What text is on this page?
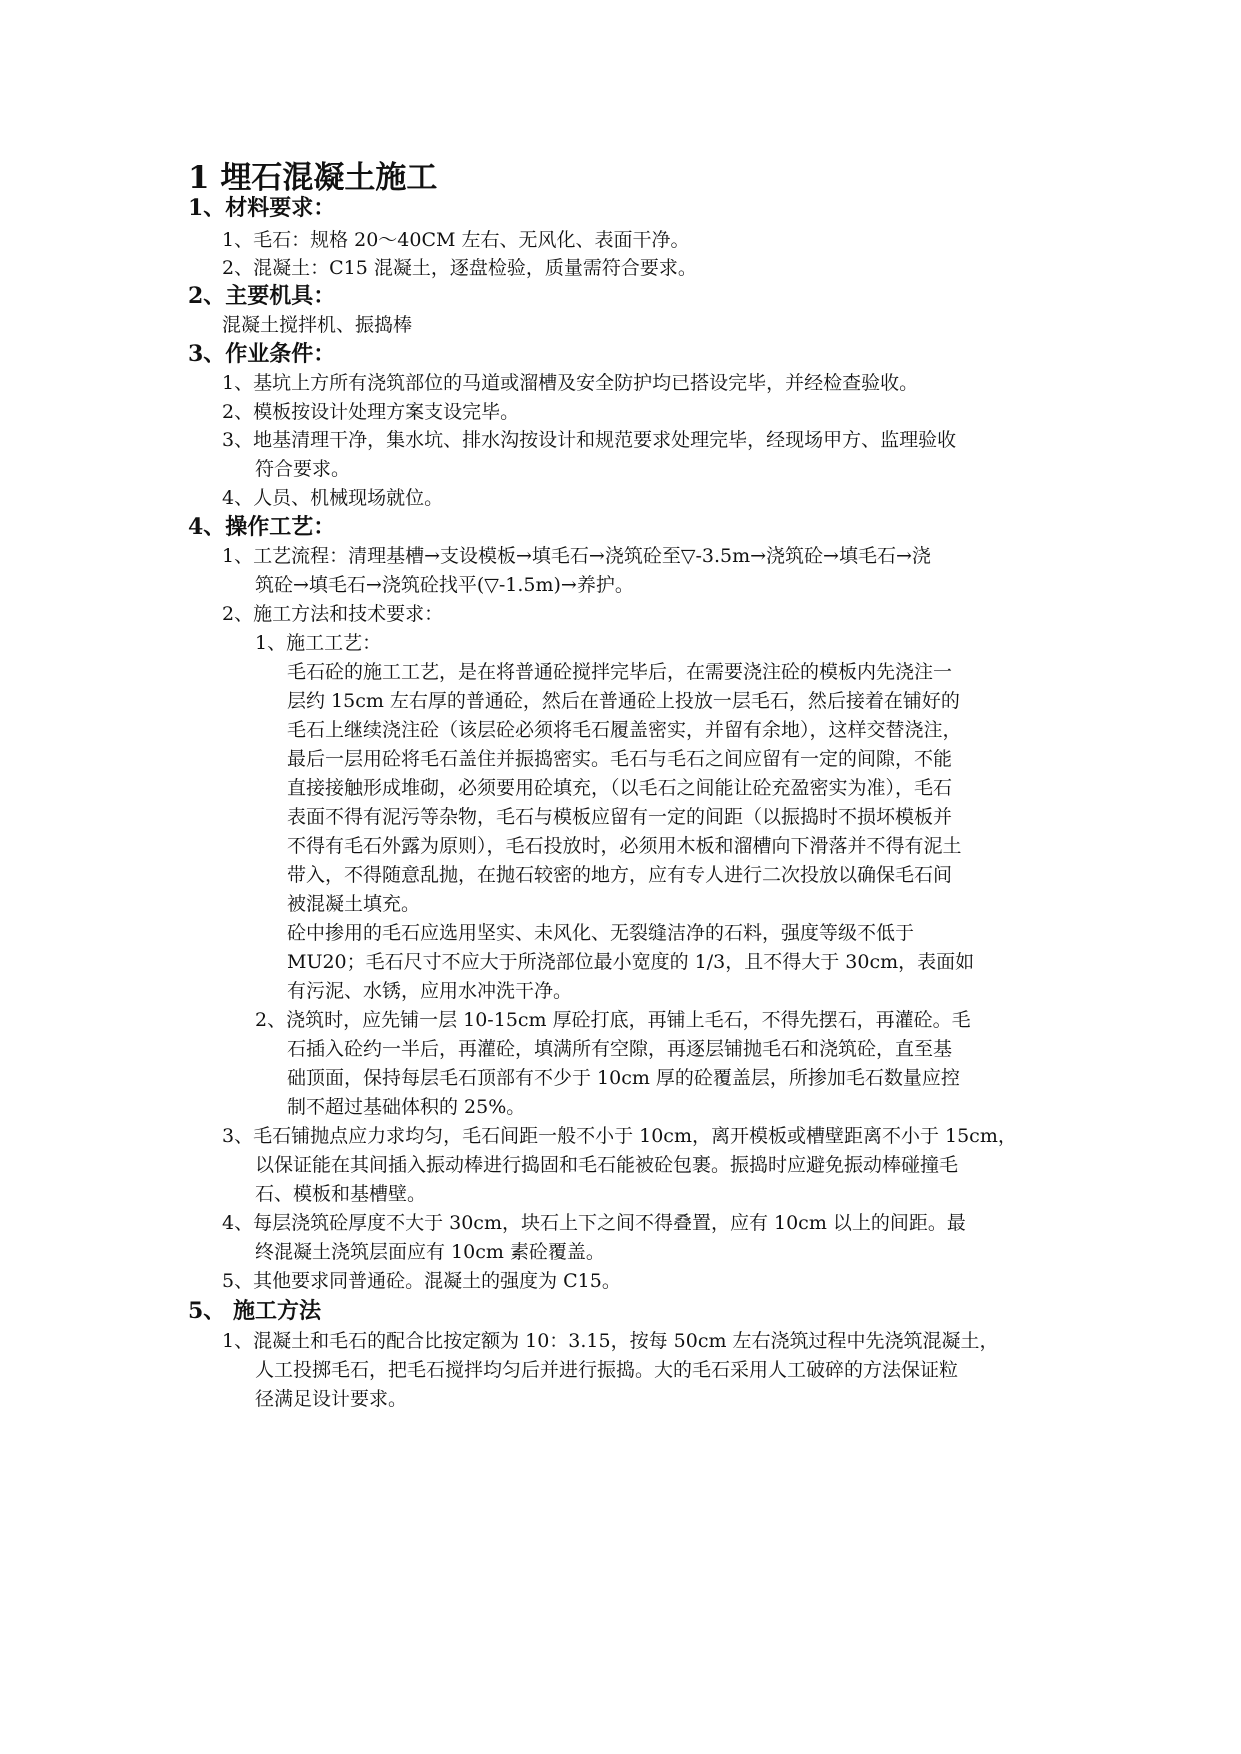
1 埋石混凝土施工
1、材料要求：
1、毛石：规格 20～40CM 左右、无风化、表面干净。
2、混凝土：C15 混凝土，逐盘检验，质量需符合要求。
2、主要机具：
混凝土搅拌机、振捣棒
3、作业条件：
1、基坑上方所有浇筑部位的马道或溜槽及安全防护均已搭设完毕，并经检查验收。
2、模板按设计处理方案支设完毕。
3、地基清理干净，集水坑、排水沟按设计和规范要求处理完毕，经现场甲方、监理验收
符合要求。
4、人员、机械现场就位。
4、操作工艺：
1、工艺流程：清理基槽→支设模板→填毛石→浇筑砼至▽-3.5m→浇筑砼→填毛石→浇
筑砼→填毛石→浇筑砼找平(▽-1.5m)→养护。
2、施工方法和技术要求：
1、施工工艺：
毛石砼的施工工艺，是在将普通砼搅拌完毕后，在需要浇注砼的模板内先浇注一
层约 15cm 左右厚的普通砼，然后在普通砼上投放一层毛石，然后接着在铺好的
毛石上继续浇注砼（该层砼必须将毛石履盖密实，并留有余地），这样交替浇注，
最后一层用砼将毛石盖住并振捣密实。毛石与毛石之间应留有一定的间隙，不能
直接接触形成堆砌，必须要用砼填充，（以毛石之间能让砼充盈密实为准），毛石
表面不得有泥污等杂物，毛石与模板应留有一定的间距（以振捣时不损坏模板并
不得有毛石外露为原则），毛石投放时，必须用木板和溜槽向下滑落并不得有泥土
带入，不得随意乱抛，在抛石较密的地方，应有专人进行二次投放以确保毛石间
被混凝土填充。
砼中掺用的毛石应选用坚实、未风化、无裂缝洁净的石料，强度等级不低于
MU20；毛石尺寸不应大于所浇部位最小宽度的 1/3，且不得大于 30cm，表面如
有污泥、水锈，应用水冲洗干净。
2、浇筑时，应先铺一层 10-15cm 厚砼打底，再铺上毛石，不得先摆石，再灌砼。毛
石插入砼约一半后，再灌砼，填满所有空隙，再逐层铺抛毛石和浇筑砼，直至基
础顶面，保持每层毛石顶部有不少于 10cm 厚的砼覆盖层，所掺加毛石数量应控
制不超过基础体积的 25%。
3、毛石铺抛点应力求均匀，毛石间距一般不小于 10cm，离开模板或槽壁距离不小于 15cm，
以保证能在其间插入振动棒进行捣固和毛石能被砼包裹。振捣时应避免振动棒碰撞毛
石、模板和基槽壁。
4、每层浇筑砼厚度不大于 30cm，块石上下之间不得叠置，应有 10cm 以上的间距。最
终混凝土浇筑层面应有 10cm 素砼覆盖。
5、其他要求同普通砼。混凝土的强度为 C15。
5、 施工方法
1、混凝土和毛石的配合比按定额为 10：3.15，按每 50cm 左右浇筑过程中先浇筑混凝土，
人工投掷毛石，把毛石搅拌均匀后并进行振捣。大的毛石采用人工破碎的方法保证粒
径满足设计要求。
